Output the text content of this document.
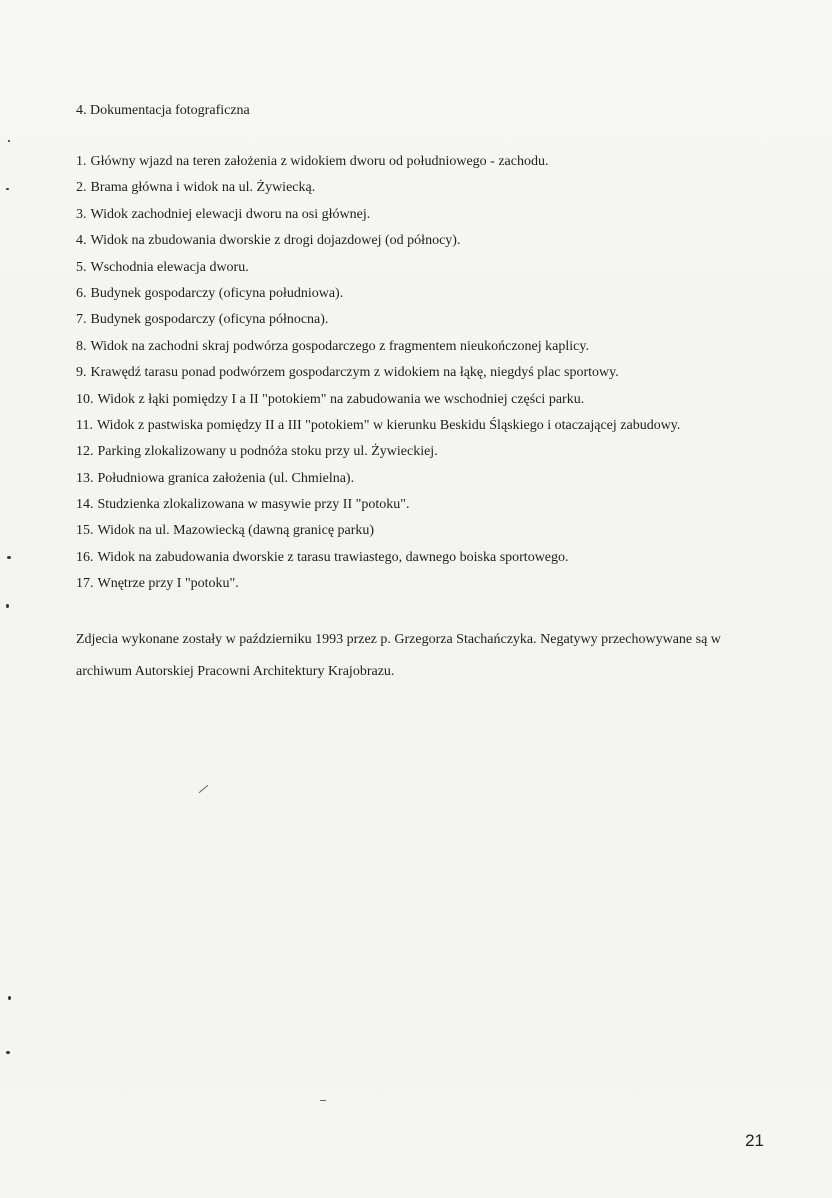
4. Dokumentacja fotograficzna
1. Główny wjazd na teren założenia z widokiem dworu od południowego - zachodu.
2. Brama główna i widok na ul. Żywiecką.
3. Widok zachodniej elewacji dworu na osi głównej.
4. Widok na zbudowania dworskie z drogi dojazdowej (od północy).
5. Wschodnia elewacja dworu.
6. Budynek gospodarczy (oficyna południowa).
7. Budynek gospodarczy (oficyna północna).
8. Widok na zachodni skraj podwórza gospodarczego z fragmentem nieukończonej kaplicy.
9. Krawędź tarasu ponad podwórzem gospodarczym z widokiem na łąkę, niegdyś plac sportowy.
10. Widok z łąki pomiędzy I a II "potokiem" na zabudowania we wschodniej części parku.
11. Widok z pastwiska pomiędzy II a III "potokiem" w kierunku Beskidu Śląskiego i otaczającej zabudowy.
12. Parking zlokalizowany u podnóża stoku przy ul. Żywieckiej.
13. Południowa granica założenia (ul. Chmielna).
14. Studzienka zlokalizowana w masywie przy II "potoku".
15. Widok na ul. Mazowiecką (dawną granicę parku)
16. Widok na zabudowania dworskie z tarasu trawiastego, dawnego boiska sportowego.
17. Wnętrze przy I "potoku".

Zdjecia wykonane zostały w październiku 1993 przez p. Grzegorza Stachańczyka. Negatywy przechowywane są w archiwum Autorskiej Pracowni Architektury Krajobrazu.

21
